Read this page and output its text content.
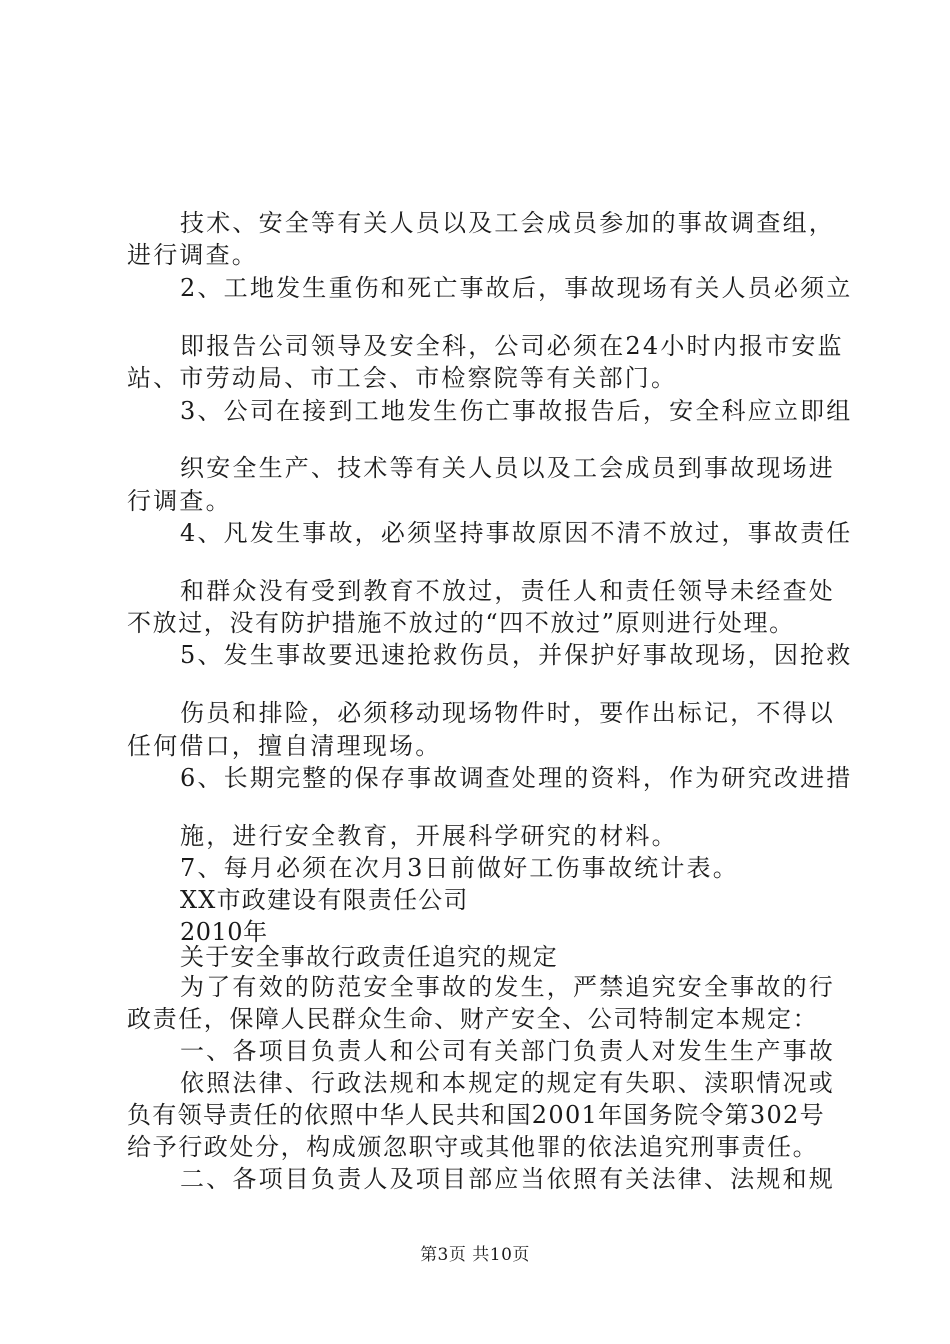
技术、安全等有关人员以及工会成员参加的事故调查组，
进行调查。
2、工地发生重伤和死亡事故后，事故现场有关人员必须立
即报告公司领导及安全科，公司必须在24小时内报市安监
站、市劳动局、市工会、市检察院等有关部门。
3、公司在接到工地发生伤亡事故报告后，安全科应立即组
织安全生产、技术等有关人员以及工会成员到事故现场进
行调查。
4、凡发生事故，必须坚持事故原因不清不放过，事故责任
和群众没有受到教育不放过，责任人和责任领导未经查处
不放过，没有防护措施不放过的“四不放过”原则进行处理。
5、发生事故要迅速抢救伤员，并保护好事故现场，因抢救
伤员和排险，必须移动现场物件时，要作出标记，不得以
任何借口，擅自清理现场。
6、长期完整的保存事故调查处理的资料，作为研究改进措
施，进行安全教育，开展科学研究的材料。
7、每月必须在次月3日前做好工伤事故统计表。
XX市政建设有限责任公司
2010年
关于安全事故行政责任追究的规定
为了有效的防范安全事故的发生，严禁追究安全事故的行
政责任，保障人民群众生命、财产安全、公司特制定本规定：
一、各项目负责人和公司有关部门负责人对发生生产事故
依照法律、行政法规和本规定的规定有失职、渎职情况或
负有领导责任的依照中华人民共和国2001年国务院令第302号
给予行政处分，构成颁忽职守或其他罪的依法追究刑事责任。
二、各项目负责人及项目部应当依照有关法律、法规和规
第3页 共10页
